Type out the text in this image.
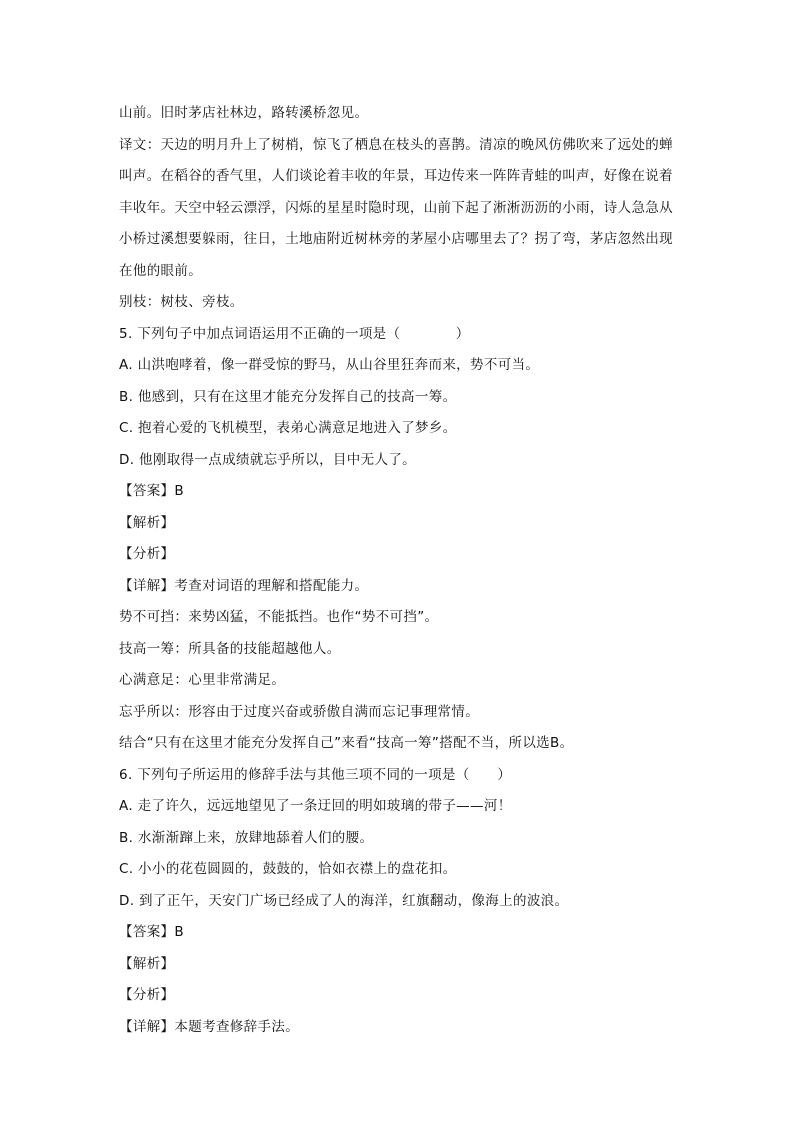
山前。旧时茅店社林边，路转溪桥忽见。
译文：天边的明月升上了树梢，惊飞了栖息在枝头的喜鹊。清凉的晚风仿佛吹来了远处的蝉
叫声。在稻谷的香气里，人们谈论着丰收的年景，耳边传来一阵阵青蛙的叫声，好像在说着
丰收年。天空中轻云漂浮，闪烁的星星时隐时现，山前下起了淅淅沥沥的小雨，诗人急急从
小桥过溪想要躲雨，往日，土地庙附近树林旁的茅屋小店哪里去了？拐了弯，茅店忽然出现
在他的眼前。
别枝：树枝、旁枝。
5. 下列句子中加点词语运用不正确的一项是（　　　　）
A. 山洪咆哮着，像一群受惊的野马，从山谷里狂奔而来，势不可当。
B. 他感到，只有在这里才能充分发挥自己的技高一筹。
C. 抱着心爱的飞机模型，表弟心满意足地进入了梦乡。
D. 他刚取得一点成绩就忘乎所以，目中无人了。
【答案】B
【解析】
【分析】
【详解】考查对词语的理解和搭配能力。
势不可挡：来势凶猛，不能抵挡。也作“势不可挡”。
技高一筹：所具备的技能超越他人。
心满意足：心里非常满足。
忘乎所以：形容由于过度兴奋或骄傲自满而忘记事理常情。
结合“只有在这里才能充分发挥自己”来看“技高一筹”搭配不当，所以选B。
6. 下列句子所运用的修辞手法与其他三项不同的一项是（　　）
A. 走了许久，远远地望见了一条迂回的明如玻璃的带子——河！
B. 水渐渐蹿上来，放肆地舔着人们的腰。
C. 小小的花苞圆圆的，鼓鼓的，恰如衣襟上的盘花扣。
D. 到了正午，天安门广场已经成了人的海洋，红旗翻动，像海上的波浪。
【答案】B
【解析】
【分析】
【详解】本题考查修辞手法。
